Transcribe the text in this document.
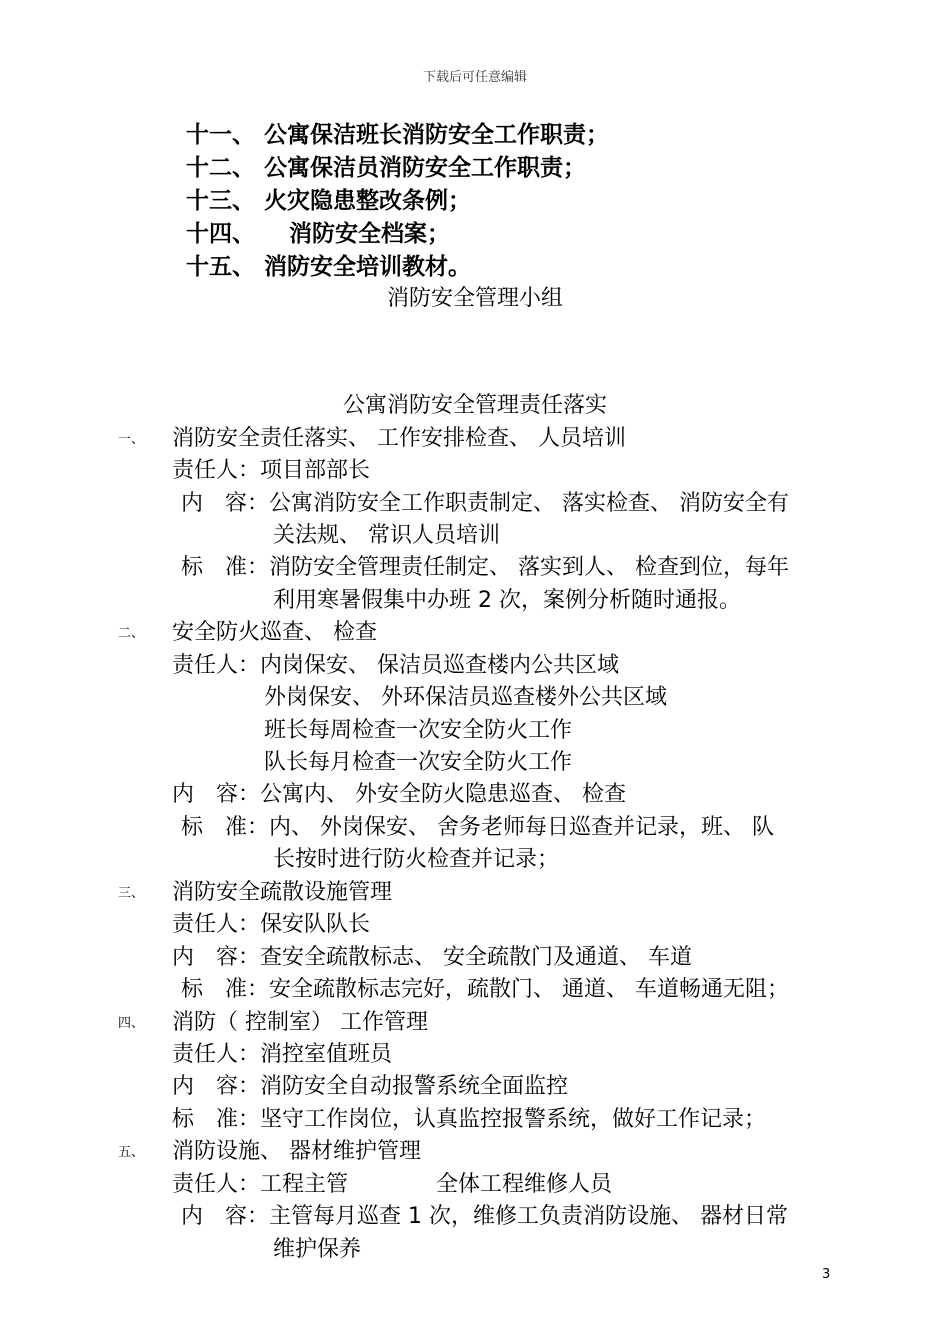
下载后可任意编辑
十一、 公寓保洁班长消防安全工作职责；
十二、 公寓保洁员消防安全工作职责；
十三、 火灾隐患整改条例；
十四、 消防安全档案；
十五、 消防安全培训教材。
消防安全管理小组
公寓消防安全管理责任落实
一、 消防安全责任落实、 工作安排检查、 人员培训
责任人：项目部部长
内　容：公寓消防安全工作职责制定、 落实检查、 消防安全有
关法规、 常识人员培训
标　准：消防安全管理责任制定、 落实到人、 检查到位，每年
利用寒暑假集中办班 2 次，案例分析随时通报。
二、 安全防火巡查、 检查
责任人：内岗保安、 保洁员巡查楼内公共区域
外岗保安、 外环保洁员巡查楼外公共区域
班长每周检查一次安全防火工作
队长每月检查一次安全防火工作
内　容：公寓内、 外安全防火隐患巡查、 检查
标　准：内、 外岗保安、 舍务老师每日巡查并记录，班、 队
长按时进行防火检查并记录；
三、 消防安全疏散设施管理
责任人：保安队队长
内　容：查安全疏散标志、 安全疏散门及通道、 车道
标　准：安全疏散标志完好，疏散门、 通道、 车道畅通无阻；
四、 消防（ 控制室） 工作管理
责任人：消控室值班员
内　容：消防安全自动报警系统全面监控
标　准：坚守工作岗位，认真监控报警系统，做好工作记录；
五、 消防设施、 器材维护管理
责任人：工程主管　　　　全体工程维修人员
内　容：主管每月巡查 1 次，维修工负责消防设施、 器材日常
维护保养
3
